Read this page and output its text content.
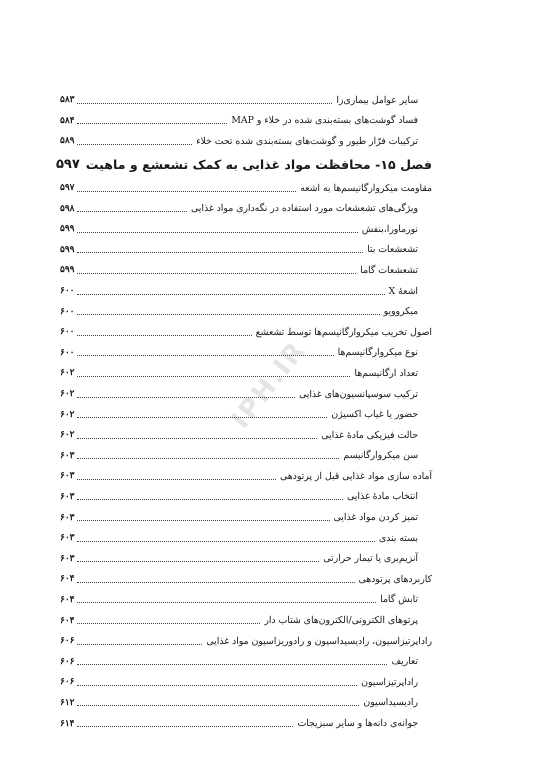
سایر عوامل بیماری‌زا
۵۸۳
فساد گوشت‌های بسته‌بندی شده در خلاء و MAP
۵۸۴
ترکیبات فرّار طیور و گوشت‌های بسته‌بندی شده تحت خلاء
۵۸۹
فصل ۱۵- محافظت مواد غذایی به کمک تشعشع و ماهیت
۵۹۷
مقاومت میکروارگانیسم‌ها به اشعه
۵۹۷
ویژگی‌های تشعشعات مورد استفاده در نگه‌داری مواد غذایی
۵۹۸
نورماورا،بنفش
۵۹۹
تشعشعات بتا
۵۹۹
تشعشعات گاما
۵۹۹
اشعهٔ X
۶۰۰
میکروویو
۶۰۰
اصول تخریب میکروارگانیسم‌ها توسط تشعشع
۶۰۰
نوع میکروارگانیسم‌ها
۶۰۰
تعداد ارگانیسم‌ها
۶۰۲
ترکیب سوسپانسیون‌های غذایی
۶۰۲
حضور یا غیاب اکسیژن
۶۰۲
حالت فیزیکی مادهٔ غذایی
۶۰۲
سن میکروارگانیسم
۶۰۳
آماده سازی مواد غذایی قبل از پرتودهی
۶۰۳
انتخاب مادهٔ غذایی
۶۰۳
تمیز کردن مواد غذایی
۶۰۳
بسته بندی
۶۰۳
آنزیم‌بری یا تیمار حرارتی
۶۰۳
کاربردهای پرتودهی
۶۰۴
تابش گاما
۶۰۴
پرتوهای الکترونی/الکترون‌های شتاب دار
۶۰۴
راداپرتیزاسیون، رادیسیداسیون و رادوریزاسیون مواد غذایی
۶۰۶
تعاریف
۶۰۶
راداپرتیزاسیون
۶۰۶
رادیسیداسیون
۶۱۲
جوانه‌ی دانه‌ها و سایر سبزیجات
۶۱۴
IPH.IR
